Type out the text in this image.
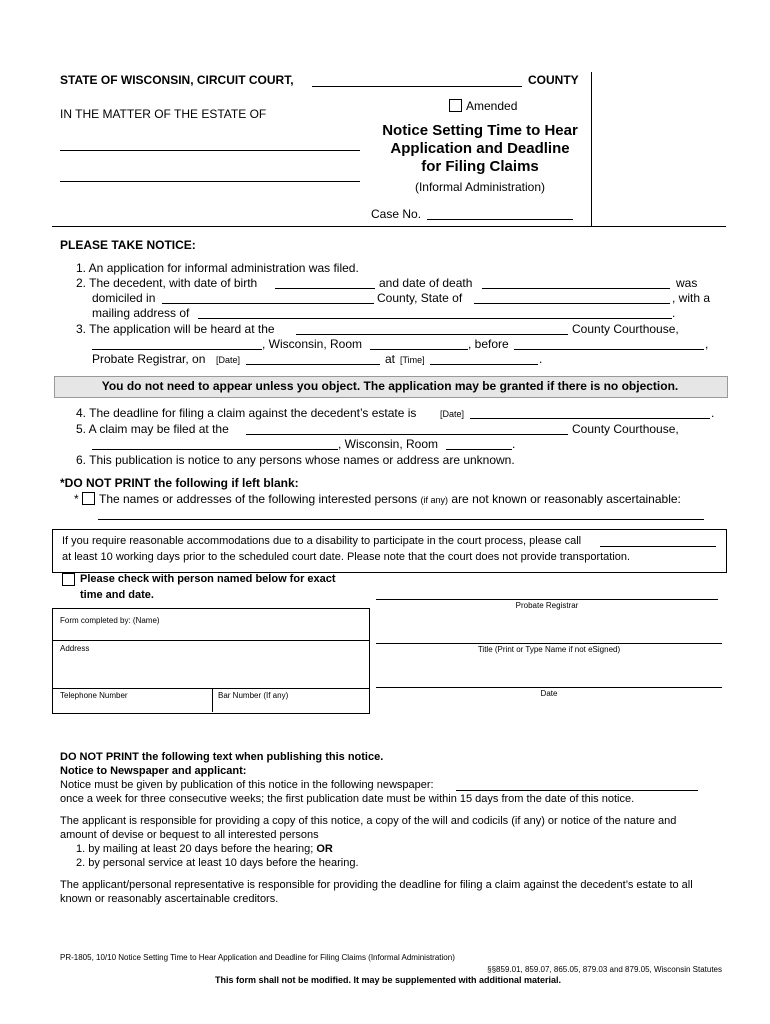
STATE OF WISCONSIN, CIRCUIT COURT,	COUNTY
IN THE MATTER OF THE ESTATE OF
Amended
Notice Setting Time to Hear
Application and Deadline
for Filing Claims
(Informal Administration)
Case No.
PLEASE TAKE NOTICE:
1. An application for informal administration was filed.
2. The decedent, with date of birth	and date of death	was
domiciled in	County, State of	, with a
mailing address of	.
3. The application will be heard at the	County Courthouse,
, Wisconsin, Room	, before	,
Probate Registrar, on [Date]	at [Time]	.
You do not need to appear unless you object. The application may be granted if there is no objection.
4. The deadline for filing a claim against the decedent’s estate is	[Date]	.
5. A claim may be filed at the	County Courthouse,
, Wisconsin, Room	.
6. This publication is notice to any persons whose names or address are unknown.
*DO NOT PRINT the following if left blank:
* The names or addresses of the following interested persons (if any) are not known or reasonably ascertainable:
If you require reasonable accommodations due to a disability to participate in the court process, please call
at least 10 working days prior to the scheduled court date. Please note that the court does not provide transportation.
Please check with person named below for exact
time and date.
Probate Registrar
Title (Print or Type Name if not eSigned)
Date
Form completed by: (Name)
Address
Telephone Number	Bar Number (If any)
DO NOT PRINT the following text when publishing this notice.
Notice to Newspaper and applicant:
Notice must be given by publication of this notice in the following newspaper:
once a week for three consecutive weeks; the first publication date must be within 15 days from the date of this notice.
The applicant is responsible for providing a copy of this notice, a copy of the will and codicils (if any) or notice of the nature and
amount of devise or bequest to all interested persons
1. by mailing at least 20 days before the hearing; OR
2. by personal service at least 10 days before the hearing.
The applicant/personal representative is responsible for providing the deadline for filing a claim against the decedent’s estate to all
known or reasonably ascertainable creditors.
PR-1805, 10/10 Notice Setting Time to Hear Application and Deadline for Filing Claims (Informal Administration)
§§859.01, 859.07, 865.05, 879.03 and 879.05, Wisconsin Statutes
This form shall not be modified. It may be supplemented with additional material.
